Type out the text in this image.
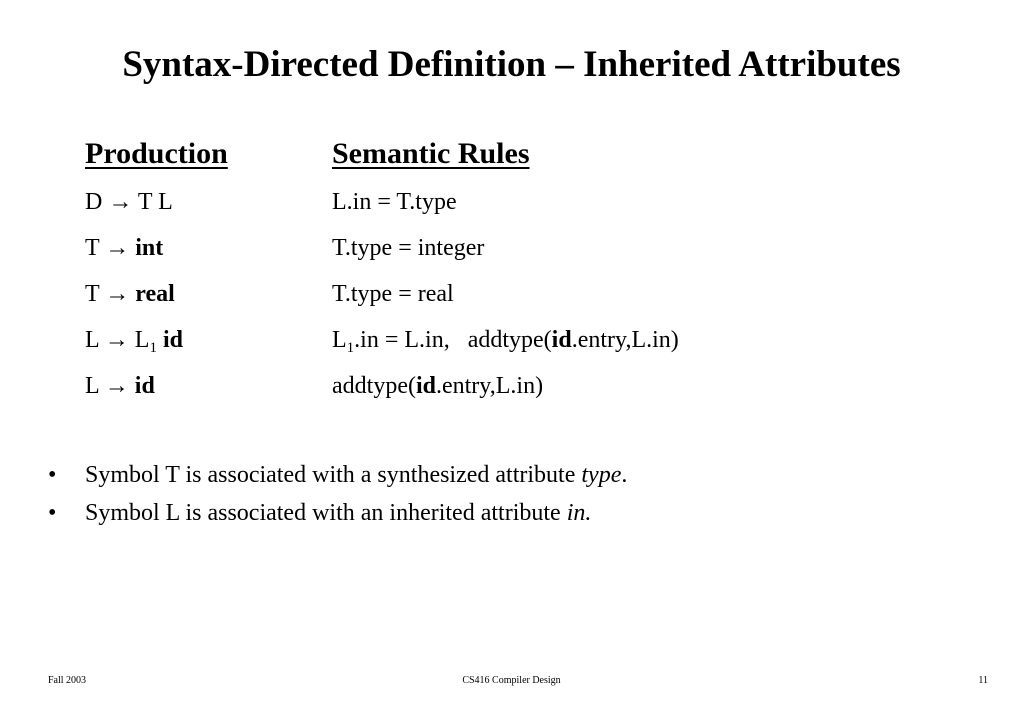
Syntax-Directed Definition – Inherited Attributes
Production	Semantic Rules
D → T L	L.in = T.type
T → int	T.type = integer
T → real	T.type = real
$L \to L_1$ id	$L_1.in = L.in$,   addtype(id.entry,L.in)
L → id	addtype(id.entry,L.in)
• Symbol T is associated with a synthesized attribute type.
• Symbol L is associated with an inherited attribute in.
Fall 2003	CS416 Compiler Design	11
